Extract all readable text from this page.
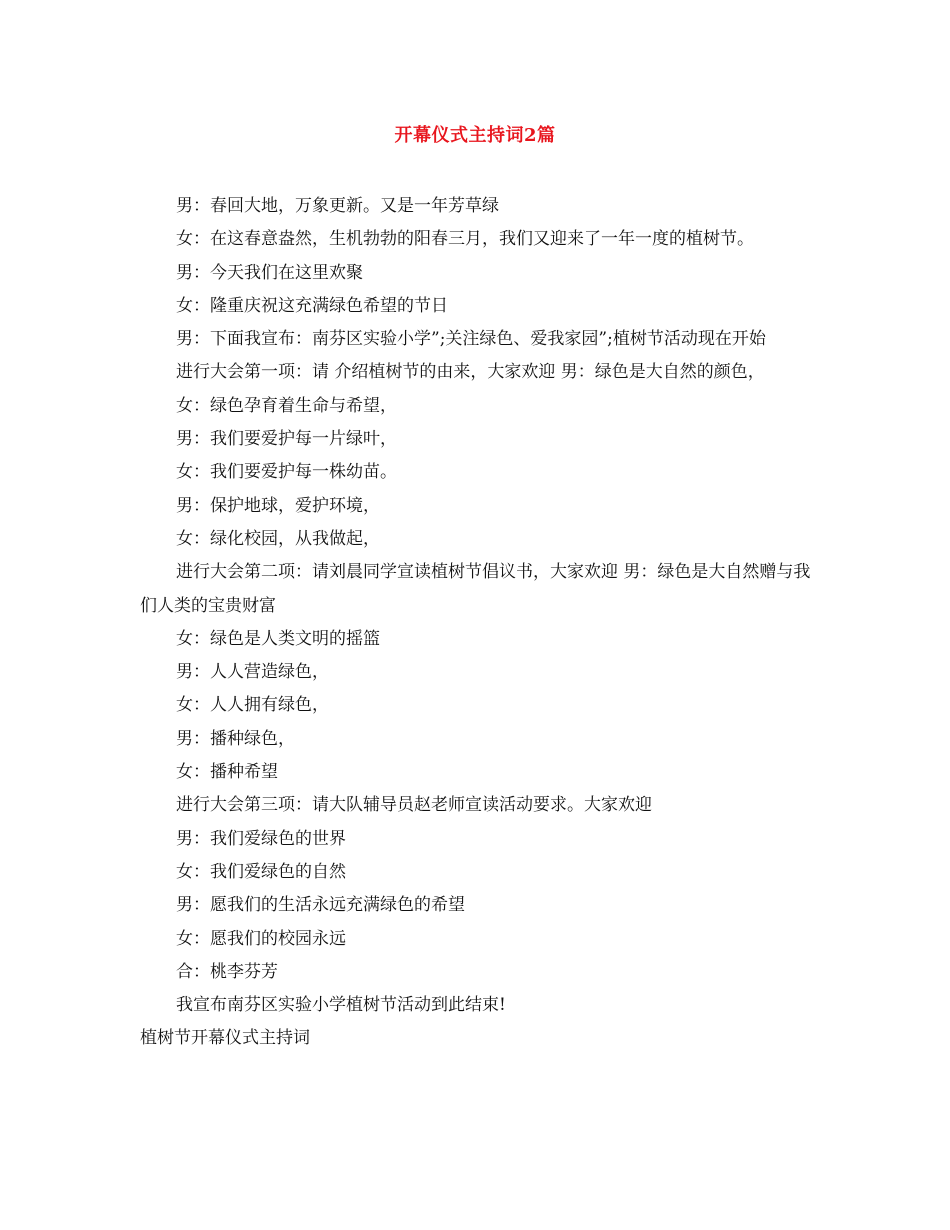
开幕仪式主持词2篇

男：春回大地，万象更新。又是一年芳草绿

女：在这春意盎然，生机勃勃的阳春三月，我们又迎来了一年一度的植树节。

男：今天我们在这里欢聚

女：隆重庆祝这充满绿色希望的节日

男：下面我宣布：南芬区实验小学”;关注绿色、爱我家园”;植树节活动现在开始

进行大会第一项：请 介绍植树节的由来，大家欢迎 男：绿色是大自然的颜色，

女：绿色孕育着生命与希望，

男：我们要爱护每一片绿叶，

女：我们要爱护每一株幼苗。

男：保护地球，爱护环境，

女：绿化校园，从我做起，

进行大会第二项：请刘晨同学宣读植树节倡议书，大家欢迎 男：绿色是大自然赠与我们人类的宝贵财富

女：绿色是人类文明的摇篮

男：人人营造绿色，

女：人人拥有绿色，

男：播种绿色，

女：播种希望

进行大会第三项：请大队辅导员赵老师宣读活动要求。大家欢迎

男：我们爱绿色的世界

女：我们爱绿色的自然

男：愿我们的生活永远充满绿色的希望

女：愿我们的校园永远

合：桃李芬芳

我宣布南芬区实验小学植树节活动到此结束!

植树节开幕仪式主持词
